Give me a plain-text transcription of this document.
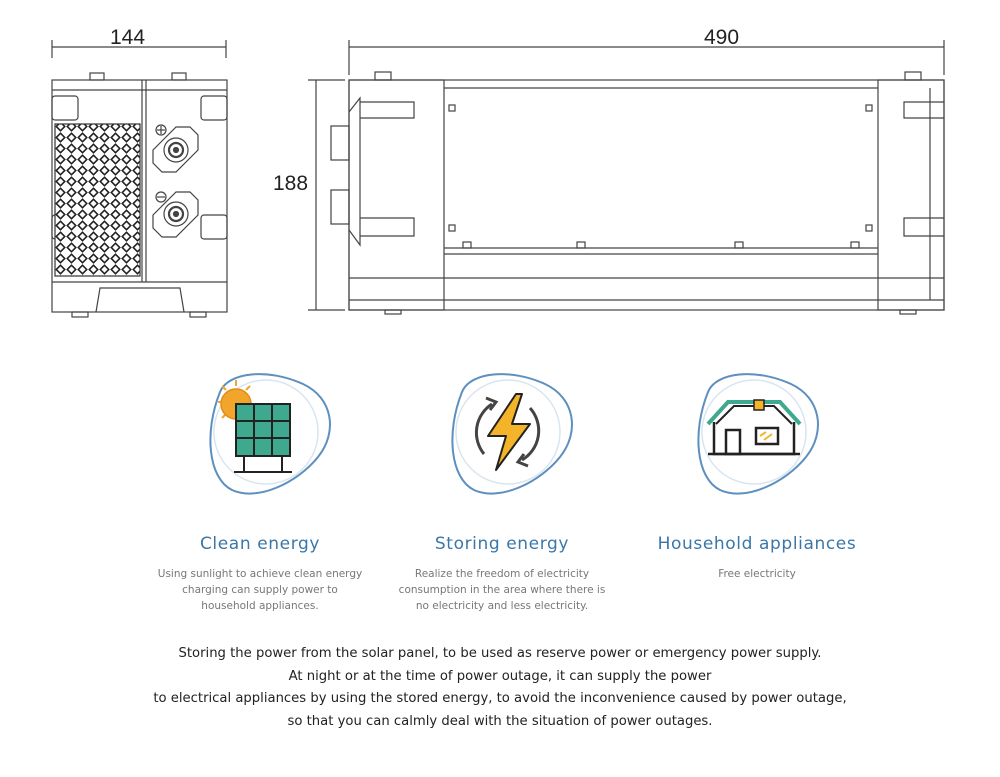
144	490
188
Clean energy
Using sunlight to achieve clean energy
charging can supply power to
household appliances.
Storing energy
Realize the freedom of electricity
consumption in the area where there is
no electricity and less electricity.
Household appliances
Free electricity
Storing the power from the solar panel, to be used as reserve power or emergency power supply.
At night or at the time of power outage, it can supply the power
to electrical appliances by using the stored energy, to avoid the inconvenience caused by power outage,
so that you can calmly deal with the situation of power outages.
